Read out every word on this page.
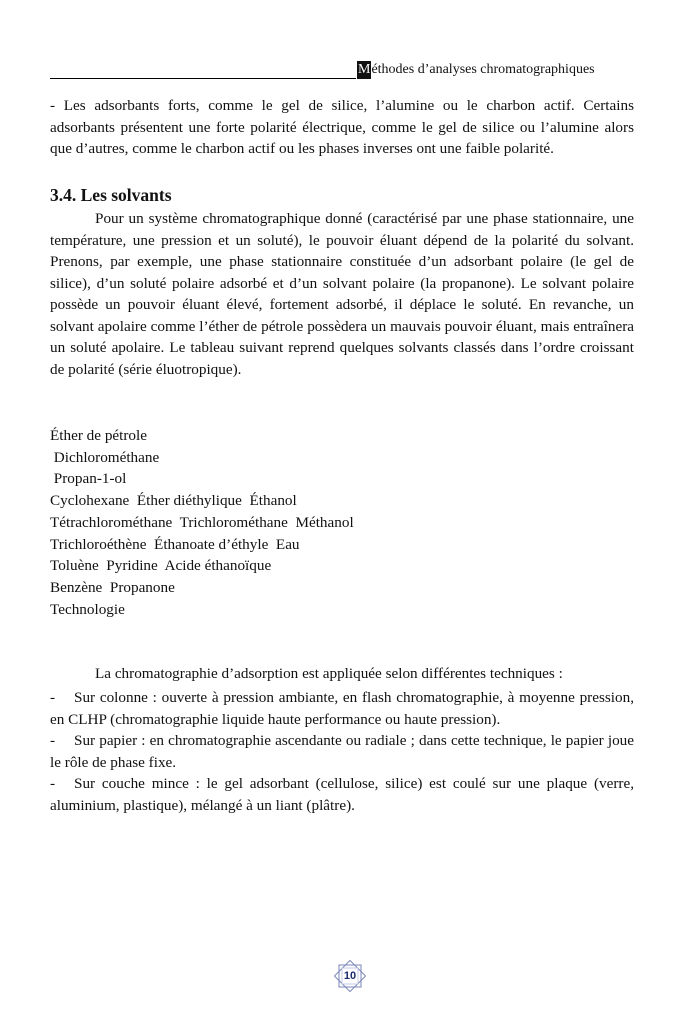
Méthodes d’analyses chromatographiques
- Les adsorbants forts, comme le gel de silice, l’alumine ou le charbon actif. Certains adsorbants présentent une forte polarité électrique, comme le gel de silice ou l’alumine alors que d’autres, comme le charbon actif ou les phases inverses ont une faible polarité.
3.4. Les solvants
Pour un système chromatographique donné (caractérisé par une phase stationnaire, une température, une pression et un soluté), le pouvoir éluant dépend de la polarité du solvant. Prenons, par exemple, une phase stationnaire constituée d’un adsorbant polaire (le gel de silice), d’un soluté polaire adsorbé et d’un solvant polaire (la propanone). Le solvant polaire possède un pouvoir éluant élevé, fortement adsorbé, il déplace le soluté. En revanche, un solvant apolaire comme l’éther de pétrole possèdera un mauvais pouvoir éluant, mais entraînera un soluté apolaire. Le tableau suivant reprend quelques solvants classés dans l’ordre croissant de polarité (série éluotropique).
Éther de pétrole
Dichlorométhane
Propan-1-ol
Cyclohexane  Éther diéthylique  Éthanol
Tétrachlorométhane  Trichlorométhane  Méthanol
Trichloroéthène  Éthanoate d’éthyle  Eau
Toluène  Pyridine  Acide éthanoïque
Benzène  Propanone
Technologie
La chromatographie d’adsorption est appliquée selon différentes techniques :
- Sur colonne : ouverte à pression ambiante, en flash chromatographie, à moyenne pression, en CLHP (chromatographie liquide haute performance ou haute pression).
- Sur papier : en chromatographie ascendante ou radiale ; dans cette technique, le papier joue le rôle de phase fixe.
- Sur couche mince : le gel adsorbant (cellulose, silice) est coulé sur une plaque (verre, aluminium, plastique), mélangé à un liant (plâtre).
10
